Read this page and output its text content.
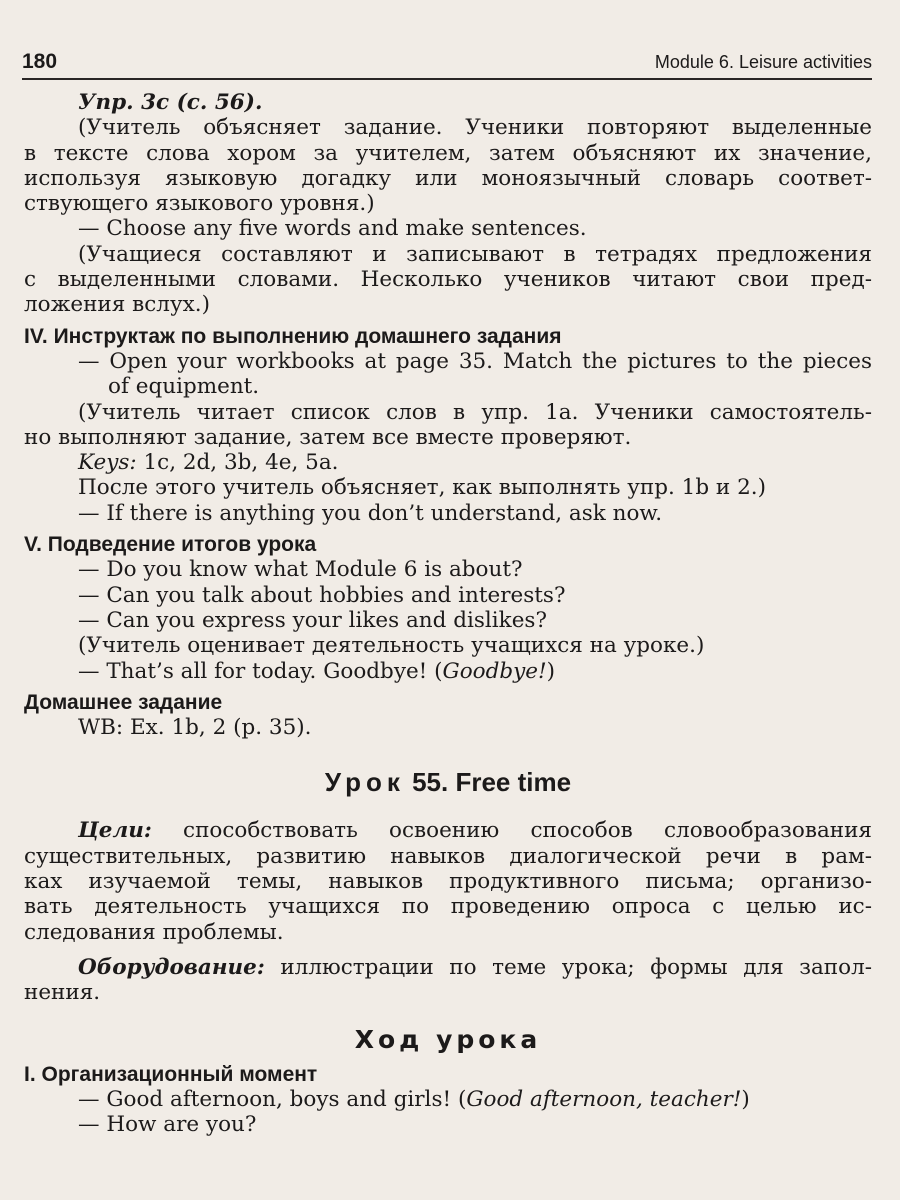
180	Module 6. Leisure activities
Упр. 3c (с. 56).
(Учитель объясняет задание. Ученики повторяют выделенные
в тексте слова хором за учителем, затем объясняют их значение,
используя языковую догадку или моноязычный словарь соответ-
ствующего языкового уровня.)
— Choose any five words and make sentences.
(Учащиеся составляют и записывают в тетрадях предложения
с выделенными словами. Несколько учеников читают свои пред-
ложения вслух.)
IV. Инструктаж по выполнению домашнего задания
— Open your workbooks at page 35. Match the pictures to the pieces
of equipment.
(Учитель читает список слов в упр. 1a. Ученики самостоятель-
но выполняют задание, затем все вместе проверяют.
Keys: 1c, 2d, 3b, 4e, 5a.
После этого учитель объясняет, как выполнять упр. 1b и 2.)
— If there is anything you don’t understand, ask now.
V. Подведение итогов урока
— Do you know what Module 6 is about?
— Can you talk about hobbies and interests?
— Can you express your likes and dislikes?
(Учитель оценивает деятельность учащихся на уроке.)
— That’s all for today. Goodbye! (Goodbye!)
Домашнее задание
WB: Ex. 1b, 2 (p. 35).
Урок 55. Free time
Цели: способствовать освоению способов словообразования
существительных, развитию навыков диалогической речи в рам-
ках изучаемой темы, навыков продуктивного письма; организо-
вать деятельность учащихся по проведению опроса с целью ис-
следования проблемы.
Оборудование: иллюстрации по теме урока; формы для запол-
нения.
Ход урока
I. Организационный момент
— Good afternoon, boys and girls! (Good afternoon, teacher!)
— How are you?
